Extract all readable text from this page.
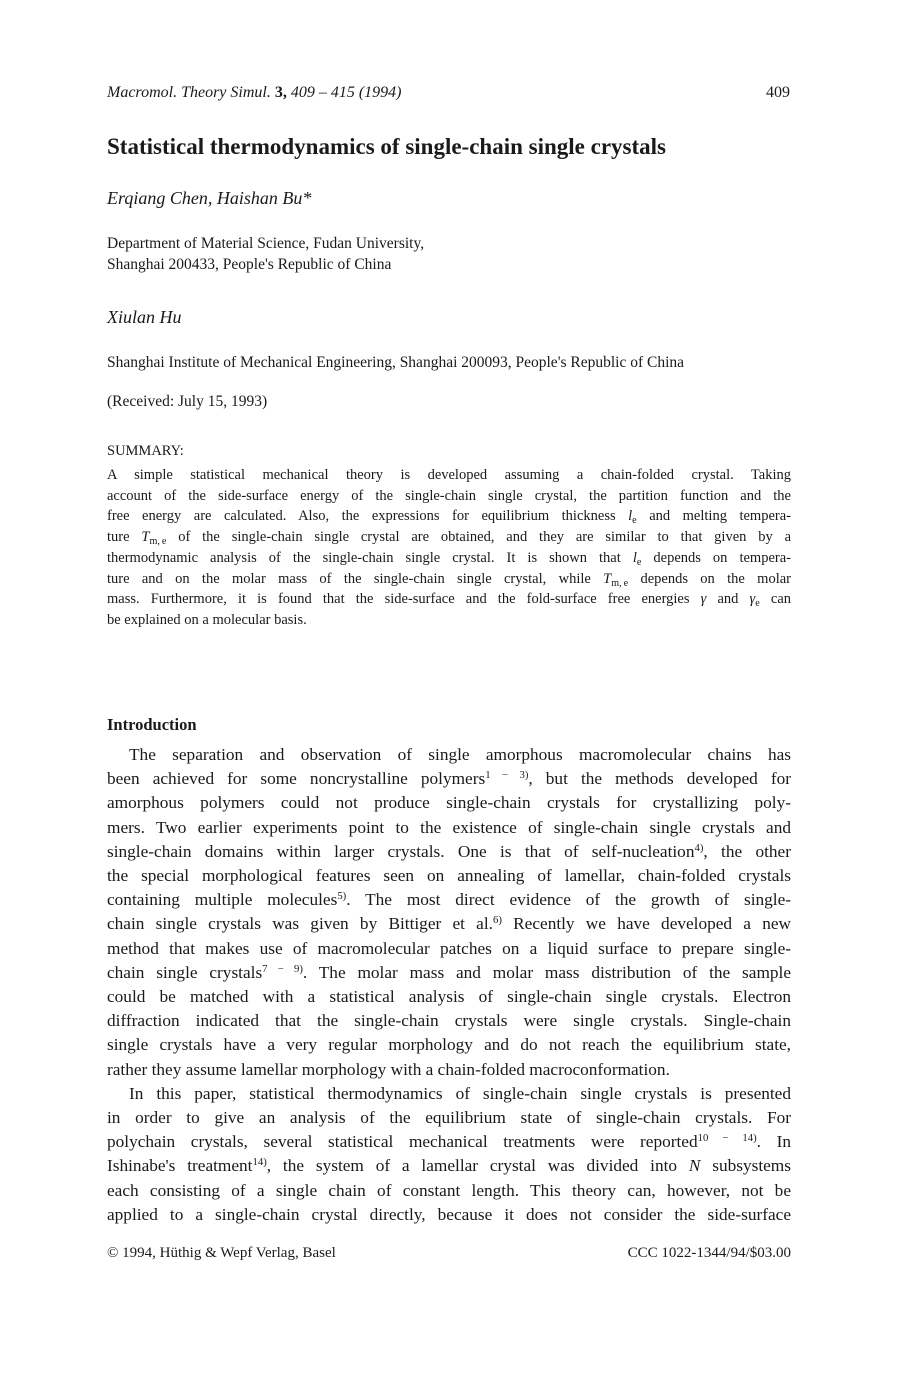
Macromol. Theory Simul. 3, 409 – 415 (1994)	409
Statistical thermodynamics of single-chain single crystals
Erqiang Chen, Haishan Bu*
Department of Material Science, Fudan University,
Shanghai 200433, People's Republic of China
Xiulan Hu
Shanghai Institute of Mechanical Engineering, Shanghai 200093, People's Republic of China
(Received: July 15, 1993)
SUMMARY:
A simple statistical mechanical theory is developed assuming a chain-folded crystal. Taking
account of the side-surface energy of the single-chain single crystal, the partition function and the
free energy are calculated. Also, the expressions for equilibrium thickness $l_e$ and melting tempera-
ture $T_{m, e}$ of the single-chain single crystal are obtained, and they are similar to that given by a
thermodynamic analysis of the single-chain single crystal. It is shown that $l_e$ depends on tempera-
ture and on the molar mass of the single-chain single crystal, while $T_{m, e}$ depends on the molar
mass. Furthermore, it is found that the side-surface and the fold-surface free energies γ and $\gamma_e$ can
be explained on a molecular basis.
Introduction
The separation and observation of single amorphous macromolecular chains has
been achieved for some noncrystalline polymers$^{1 - 3)}$, but the methods developed for
amorphous polymers could not produce single-chain crystals for crystallizing poly-
mers. Two earlier experiments point to the existence of single-chain single crystals and
single-chain domains within larger crystals. One is that of self-nucleation$^{4)}$, the other
the special morphological features seen on annealing of lamellar, chain-folded crystals
containing multiple molecules$^{5)}$. The most direct evidence of the growth of single-
chain single crystals was given by Bittiger et al.$^{6)}$ Recently we have developed a new
method that makes use of macromolecular patches on a liquid surface to prepare single-
chain single crystals$^{7 - 9)}$. The molar mass and molar mass distribution of the sample
could be matched with a statistical analysis of single-chain single crystals. Electron
diffraction indicated that the single-chain crystals were single crystals. Single-chain
single crystals have a very regular morphology and do not reach the equilibrium state,
rather they assume lamellar morphology with a chain-folded macroconformation.
In this paper, statistical thermodynamics of single-chain single crystals is presented
in order to give an analysis of the equilibrium state of single-chain crystals. For
polychain crystals, several statistical mechanical treatments were reported$^{10 - 14)}$. In
Ishinabe's treatment$^{14)}$, the system of a lamellar crystal was divided into N subsystems
each consisting of a single chain of constant length. This theory can, however, not be
applied to a single-chain crystal directly, because it does not consider the side-surface
© 1994, Hüthig & Wepf Verlag, Basel	CCC 1022-1344/94/$03.00
